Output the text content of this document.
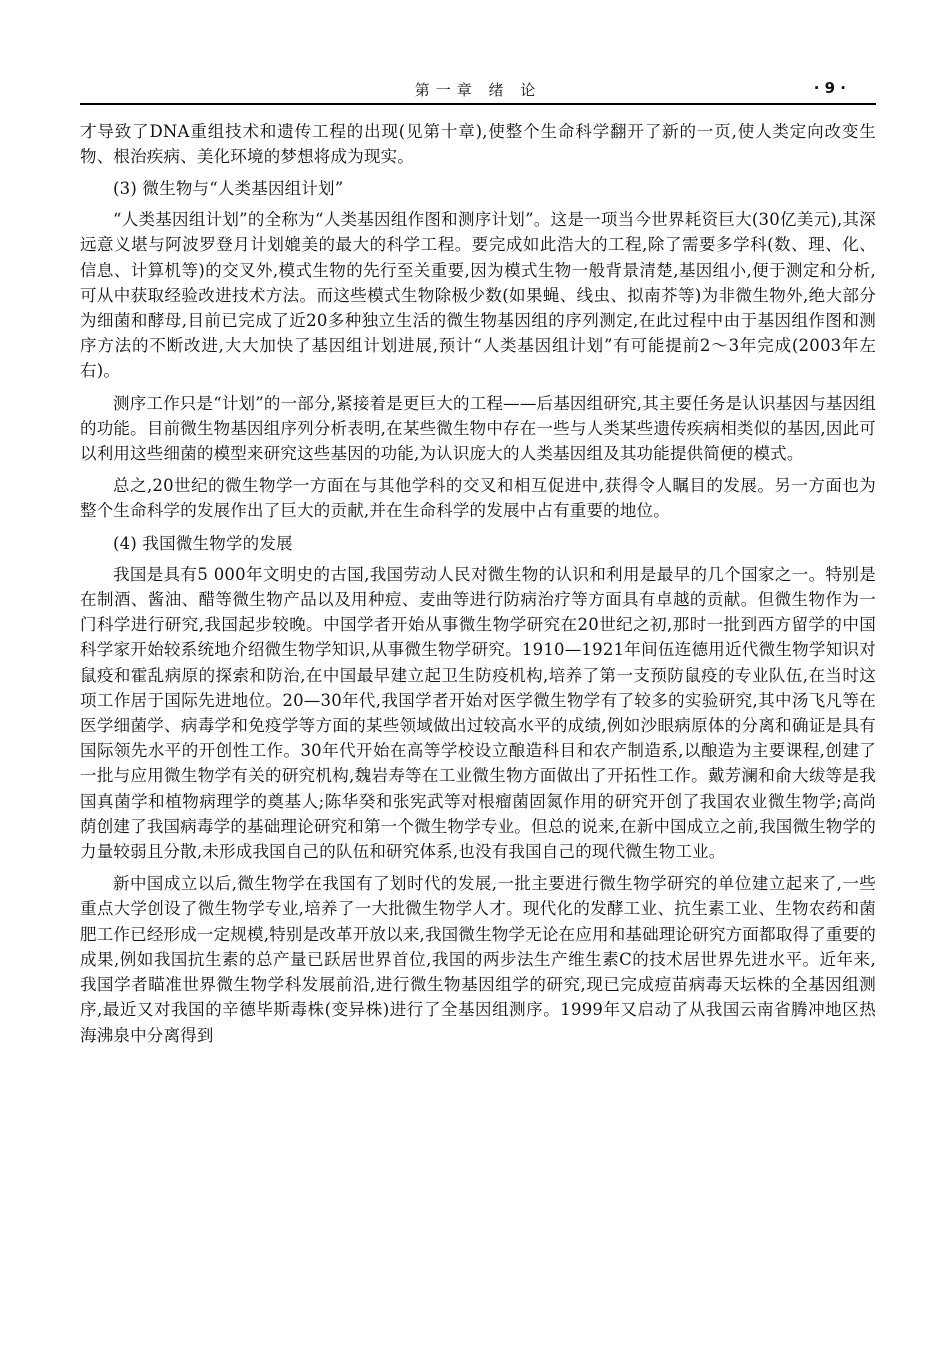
第一章 绪 论	· 9 ·

才导致了DNA重组技术和遗传工程的出现(见第十章),使整个生命科学翻开了新的一页,使人类定向改变生物、根治疾病、美化环境的梦想将成为现实。

(3) 微生物与“人类基因组计划”

“人类基因组计划”的全称为“人类基因组作图和测序计划”。这是一项当今世界耗资巨大(30亿美元),其深远意义堪与阿波罗登月计划媲美的最大的科学工程。要完成如此浩大的工程,除了需要多学科(数、理、化、信息、计算机等)的交叉外,模式生物的先行至关重要,因为模式生物一般背景清楚,基因组小,便于测定和分析,可从中获取经验改进技术方法。而这些模式生物除极少数(如果蝇、线虫、拟南芥等)为非微生物外,绝大部分为细菌和酵母,目前已完成了近20多种独立生活的微生物基因组的序列测定,在此过程中由于基因组作图和测序方法的不断改进,大大加快了基因组计划进展,预计“人类基因组计划”有可能提前2～3年完成(2003年左右)。

测序工作只是“计划”的一部分,紧接着是更巨大的工程——后基因组研究,其主要任务是认识基因与基因组的功能。目前微生物基因组序列分析表明,在某些微生物中存在一些与人类某些遗传疾病相类似的基因,因此可以利用这些细菌的模型来研究这些基因的功能,为认识庞大的人类基因组及其功能提供简便的模式。

总之,20世纪的微生物学一方面在与其他学科的交叉和相互促进中,获得令人瞩目的发展。另一方面也为整个生命科学的发展作出了巨大的贡献,并在生命科学的发展中占有重要的地位。

(4) 我国微生物学的发展

我国是具有5 000年文明史的古国,我国劳动人民对微生物的认识和利用是最早的几个国家之一。特别是在制酒、酱油、醋等微生物产品以及用种痘、麦曲等进行防病治疗等方面具有卓越的贡献。但微生物作为一门科学进行研究,我国起步较晚。中国学者开始从事微生物学研究在20世纪之初,那时一批到西方留学的中国科学家开始较系统地介绍微生物学知识,从事微生物学研究。1910—1921年间伍连德用近代微生物学知识对鼠疫和霍乱病原的探索和防治,在中国最早建立起卫生防疫机构,培养了第一支预防鼠疫的专业队伍,在当时这项工作居于国际先进地位。20—30年代,我国学者开始对医学微生物学有了较多的实验研究,其中汤飞凡等在医学细菌学、病毒学和免疫学等方面的某些领域做出过较高水平的成绩,例如沙眼病原体的分离和确证是具有国际领先水平的开创性工作。30年代开始在高等学校设立酿造科目和农产制造系,以酿造为主要课程,创建了一批与应用微生物学有关的研究机构,魏岩寿等在工业微生物方面做出了开拓性工作。戴芳澜和俞大绂等是我国真菌学和植物病理学的奠基人;陈华癸和张宪武等对根瘤菌固氮作用的研究开创了我国农业微生物学;高尚荫创建了我国病毒学的基础理论研究和第一个微生物学专业。但总的说来,在新中国成立之前,我国微生物学的力量较弱且分散,未形成我国自己的队伍和研究体系,也没有我国自己的现代微生物工业。

新中国成立以后,微生物学在我国有了划时代的发展,一批主要进行微生物学研究的单位建立起来了,一些重点大学创设了微生物学专业,培养了一大批微生物学人才。现代化的发酵工业、抗生素工业、生物农药和菌肥工作已经形成一定规模,特别是改革开放以来,我国微生物学无论在应用和基础理论研究方面都取得了重要的成果,例如我国抗生素的总产量已跃居世界首位,我国的两步法生产维生素C的技术居世界先进水平。近年来,我国学者瞄准世界微生物学科发展前沿,进行微生物基因组学的研究,现已完成痘苗病毒天坛株的全基因组测序,最近又对我国的辛德毕斯毒株(变异株)进行了全基因组测序。1999年又启动了从我国云南省腾冲地区热海沸泉中分离得到
